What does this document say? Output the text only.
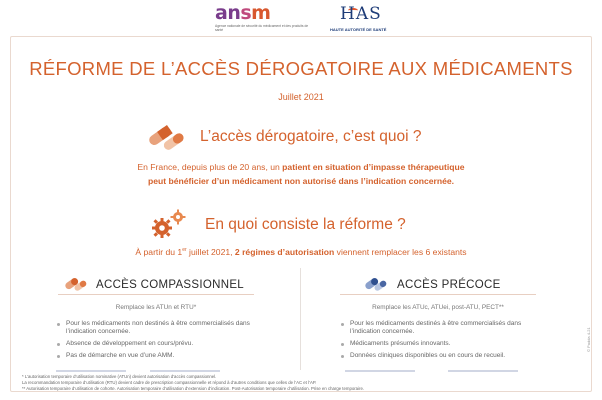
ansm
Agence nationale de sécurité du médicament et des produits de santé
HAS
HAUTE AUTORITÉ DE SANTÉ
RÉFORME DE L’ACCÈS DÉROGATOIRE AUX MÉDICAMENTS
Juillet 2021
L’accès dérogatoire, c’est quoi ?
En France, depuis plus de 20 ans, un patient en situation d’impasse thérapeutique
peut bénéficier d’un médicament non autorisé dans l’indication concernée.
En quoi consiste la réforme ?
À partir du 1er juillet 2021, 2 régimes d’autorisation viennent remplacer les 6 existants
ACCÈS COMPASSIONNEL
Remplace les ATUn et RTU*
Pour les médicaments non destinés à être commercialisés dans l’indication concernée.
Absence de développement en cours/prévu.
Pas de démarche en vue d’une AMM.
ACCÈS PRÉCOCE
Remplace les ATUc, ATUei, post-ATU, PECT**
Pour les médicaments destinés à être commercialisés dans l’indication concernée.
Médicaments présumés innovants.
Données cliniques disponibles ou en cours de recueil.
* L’autorisation temporaire d’utilisation nominative (ATUn) devient autorisation d’accès compassionnel.
La recommandation temporaire d’utilisation (RTU) devient cadre de prescription compassionnelle et répond à d’autres conditions que celles de l’AC et l’AP.
** Autorisation temporaire d’utilisation de cohorte. Autorisation temporaire d’utilisation d’extension d’indication. Post-Autorisation temporaire d’utilisation. Prise en charge temporaire.
© Padda 4-21
